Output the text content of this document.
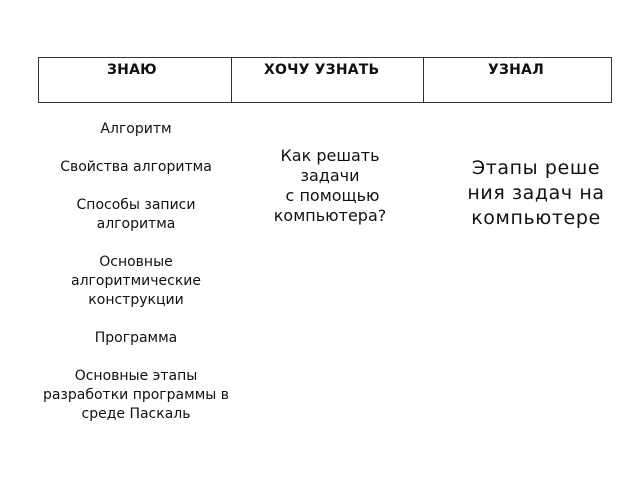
ЗНАЮ	ХОЧУ УЗНАТЬ	УЗНАЛ
Алгоритм
Свойства алгоритма
Способы записи алгоритма
Основные алгоритмические конструкции
Программа
Основные этапы разработки программы в среде Паскаль
Как решать задачи
с помощью компьютера?
Этапы решения задач на компьютере
